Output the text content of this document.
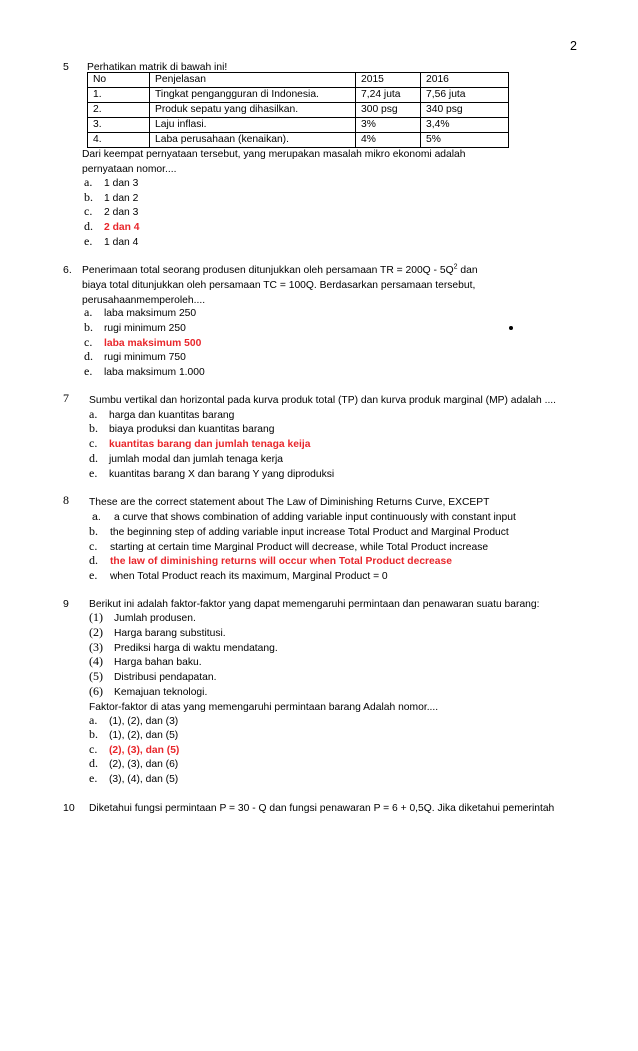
2
5 Perhatikan matrik di bawah ini!
No	Penjelasan	2015	2016
1.	Tingkat pengangguran di Indonesia.	7,24 juta	7,56 juta
2.	Produk sepatu yang dihasilkan.	300 psg	340 psg
3.	Laju inflasi.	3%	3,4%
4.	Laba perusahaan (kenaikan).	4%	5%
Dari keempat pernyataan tersebut, yang merupakan masalah mikro ekonomi adalah
pernyataan nomor....
a. 1 dan 3
b. 1 dan 2
c. 2 dan 3
d. 2 dan 4
e. 1 dan 4
6. Penerimaan total seorang produsen ditunjukkan oleh persamaan TR = $200Q - 5Q^2$ dan
biaya total ditunjukkan oleh persamaan TC = 100Q. Berdasarkan persamaan tersebut,
perusahaanmemperoleh....
a. laba maksimum 250
b. rugi minimum 250
c. laba maksimum 500
d. rugi minimum 750
e. laba maksimum 1.000
7 Sumbu vertikal dan horizontal pada kurva produk total (TP) dan kurva produk marginal (MP) adalah ....
a. harga dan kuantitas barang
b. biaya produksi dan kuantitas barang
c. kuantitas barang dan jumlah tenaga keija
d. jumlah modal dan jumlah tenaga kerja
e. kuantitas barang X dan barang Y yang diproduksi
8 These are the correct statement about The Law of Diminishing Returns Curve, EXCEPT
a. a curve that shows combination of adding variable input continuously with constant input
b. the beginning step of adding variable input increase Total Product and Marginal Product
c. starting at certain time Marginal Product will decrease, while Total Product increase
d. the law of diminishing returns will occur when Total Product decrease
e. when Total Product reach its maximum, Marginal Product = 0
9 Berikut ini adalah faktor-faktor yang dapat memengaruhi permintaan dan penawaran suatu barang:
(1) Jumlah produsen.
(2) Harga barang substitusi.
(3) Prediksi harga di waktu mendatang.
(4) Harga bahan baku.
(5) Distribusi pendapatan.
(6) Kemajuan teknologi.
Faktor-faktor di atas yang memengaruhi permintaan barang Adalah nomor....
a. (1), (2), dan (3)
b. (1), (2), dan (5)
c. (2), (3), dan (5)
d. (2), (3), dan (6)
e. (3), (4), dan (5)
10 Diketahui fungsi permintaan P = 30 - Q dan fungsi penawaran P = 6 + 0,5Q. Jika diketahui pemerintah
